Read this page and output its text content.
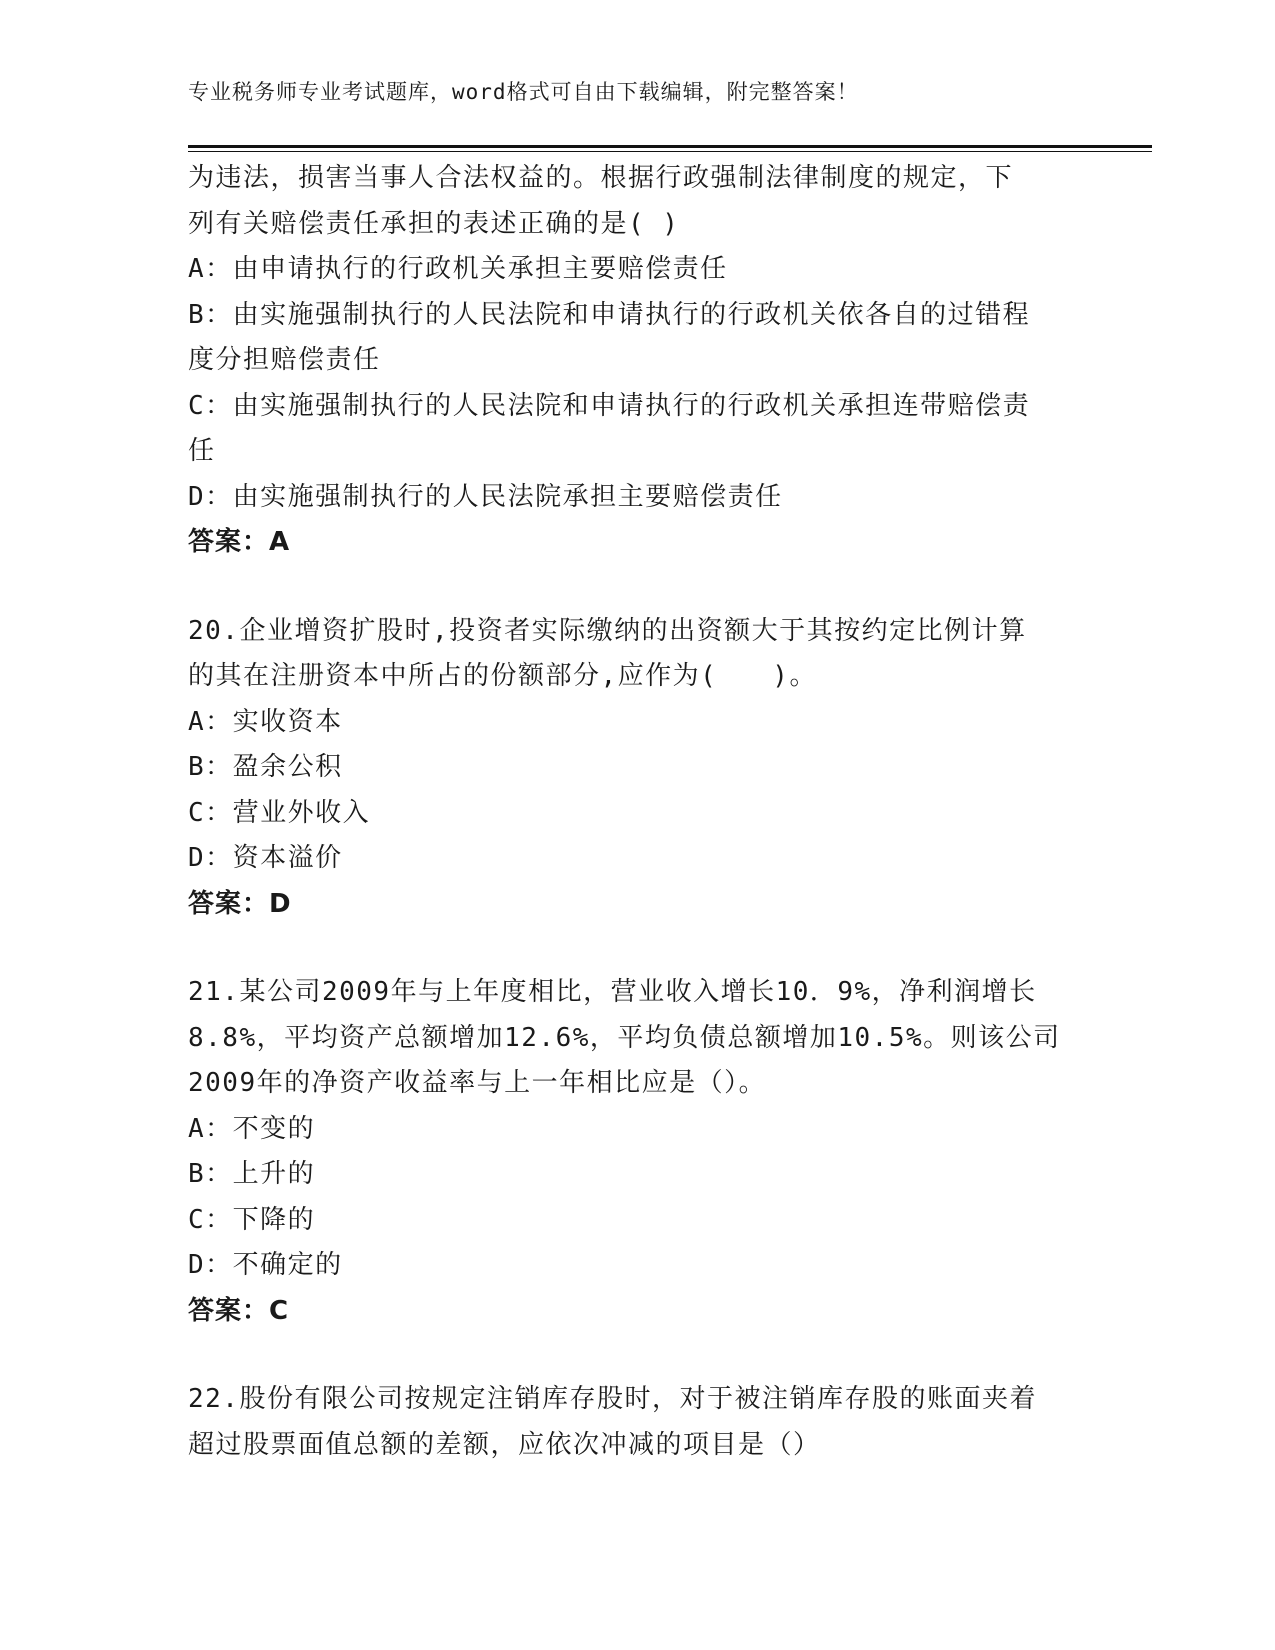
专业税务师专业考试题库，word格式可自由下载编辑，附完整答案！
为违法，损害当事人合法权益的。根据行政强制法律制度的规定，下
列有关赔偿责任承担的表述正确的是( )
A：由申请执行的行政机关承担主要赔偿责任
B：由实施强制执行的人民法院和申请执行的行政机关依各自的过错程
度分担赔偿责任
C：由实施强制执行的人民法院和申请执行的行政机关承担连带赔偿责
任
D：由实施强制执行的人民法院承担主要赔偿责任
答案：A
20.企业增资扩股时,投资者实际缴纳的出资额大于其按约定比例计算
的其在注册资本中所占的份额部分,应作为(　　)。
A：实收资本
B：盈余公积
C：营业外收入
D：资本溢价
答案：D
21.某公司2009年与上年度相比，营业收入增长10．9%，净利润增长
8.8%，平均资产总额增加12.6%，平均负债总额增加10.5%。则该公司
2009年的净资产收益率与上一年相比应是（）。
A：不变的
B：上升的
C：下降的
D：不确定的
答案：C
22.股份有限公司按规定注销库存股时，对于被注销库存股的账面夹着
超过股票面值总额的差额，应依次冲减的项目是（）
